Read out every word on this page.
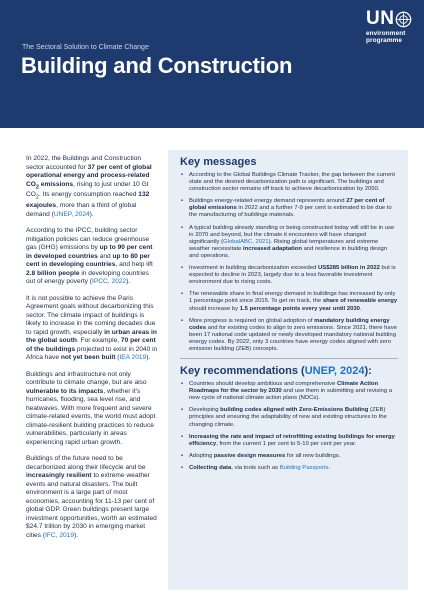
UN
environment
programme
The Sectoral Solution to Climate Change
Building and Construction

In 2022, the Buildings and Construction sector accounted for 37 per cent of global operational energy and process-related $CO_2$ emissions, rising to just under 10 Gt $CO_2$. Its energy consumption reached 132 exajoules, more than a third of global demand (UNEP, 2024).

According to the IPCC, building sector mitigation policies can reduce greenhouse gas (GHG) emissions by up to 90 per cent in developed countries and up to 80 per cent in developing countries, and help lift 2.8 billion people in developing countries out of energy poverty (IPCC, 2022).

It is not possible to achieve the Paris Agreement goals without decarbonizing this sector. The climate impact of buildings is likely to increase in the coming decades due to rapid growth, especially in urban areas in the global south. For example, 70 per cent of the buildings projected to exist in 2040 in Africa have not yet been built (IEA 2019).

Buildings and infrastructure not only contribute to climate change, but are also vulnerable to its impacts, whether it's hurricanes, flooding, sea level rise, and heatwaves. With more frequent and severe climate-related events, the world must adopt climate-resilient building practices to reduce vulnerabilities, particularly in areas experiencing rapid urban growth.

Buildings of the future need to be decarbonized along their lifecycle and be increasingly resilient to extreme weather events and natural disasters. The built environment is a large part of most economies, accounting for 11-13 per cent of global GDP. Green buildings present large investment opportunities, worth an estimated $24.7 trillion by 2030 in emerging market cities (IFC, 2019).

Key messages
• According to the Global Buildings Climate Tracker, the gap between the current state and the desired decarbonization path is significant. The buildings and construction sector remains off track to achieve decarbonization by 2050.
• Buildings energy-related energy demand represents around 27 per cent of global emissions in 2022 and a further 7-9 per cent is estimated to be due to the manufacturing of buildings materials.
• A typical building already standing or being constructed today will still be in use in 2070 and beyond, but the climate it encounters will have changed significantly (GlobalABC, 2021). Rising global temperatures and extreme weather necessitate increased adaptation and resilience in building design and operations.
• Investment in building decarbonization exceeded US$285 billion in 2022 but is expected to decline in 2023, largely due to a less favorable investment environment due to rising costs.
• The renewable share in final energy demand in buildings has increased by only 1 percentage point since 2015. To get on track, the share of renewable energy should increase by 1.5 percentage points every year until 2030.
• More progress is required on global adoption of mandatory building energy codes and for existing codes to align to zero emissions. Since 2021, there have been 17 national code updated or newly developed mandatory national building energy codes. By 2022, only 3 countries have energy codes aligned with zero emission building (ZEB) concepts.
Key recommendations (UNEP, 2024):
• Countries should develop ambitious and comprehensive Climate Action Roadmaps for the sector by 2030 and use them in submitting and revising a new cycle of national climate action plans (NDCs).
• Developing building codes aligned with Zero-Emissions Building (ZEB) principles and ensuring the adaptability of new and existing structures to the changing climate.
• Increasing the rate and impact of retrofitting existing buildings for energy efficiency, from the current 1 per cent to 5-10 per cent per year.
• Adopting passive design measures for all new buildings.
• Collecting data, via tools such as Building Passports.
